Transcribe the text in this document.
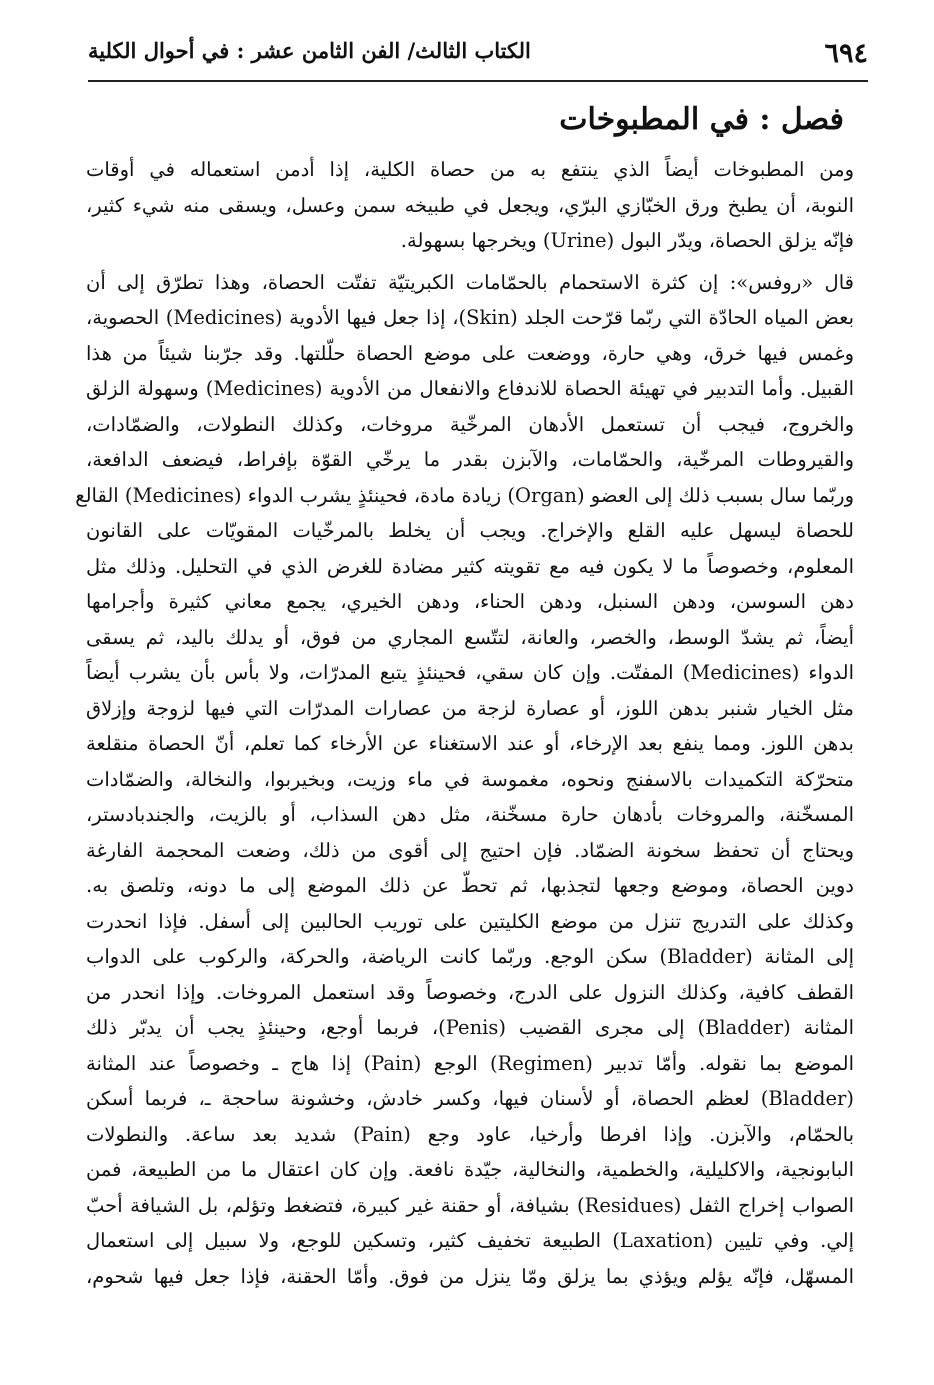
٦٩٤
الكتاب الثالث/ الفن الثامن عشر : في أحوال الكلية
فصل : في المطبوخات
ومن المطبوخات أيضاً الذي ينتفع به من حصاة الكلية، إذا أدمن استعماله في أوقات
النوبة، أن يطبخ ورق الخبّازي البرّي، ويجعل في طبيخه سمن وعسل، ويسقى منه شيء كثير،
فإنّه يزلق الحصاة، ويدّر البول (Urine) ويخرجها بسهولة.
قال «روفس»: إن كثرة الاستحمام بالحمّامات الكبريتيّة تفتّت الحصاة، وهذا تطرّق إلى أن
بعض المياه الحادّة التي ربّما قرّحت الجلد (Skin)، إذا جعل فيها الأدوية (Medicines) الحصوية،
وغمس فيها خرق، وهي حارة، ووضعت على موضع الحصاة حلّلتها. وقد جرّبنا شيئاً من هذا
القبيل. وأما التدبير في تهيئة الحصاة للاندفاع والانفعال من الأدوية (Medicines) وسهولة الزلق
والخروج، فيجب أن تستعمل الأدهان المرخّية مروخات، وكذلك النطولات، والضمّادات،
والقيروطات المرخّية، والحمّامات، والآبزن بقدر ما يرخّي القوّة بإفراط، فيضعف الدافعة،
وربّما سال بسبب ذلك إلى العضو (Organ) زيادة مادة، فحينئذٍ يشرب الدواء (Medicines) القالع
للحصاة ليسهل عليه القلع والإخراج. ويجب أن يخلط بالمرخّيات المقويّات على القانون
المعلوم، وخصوصاً ما لا يكون فيه مع تقويته كثير مضادة للغرض الذي في التحليل. وذلك مثل
دهن السوسن، ودهن السنبل، ودهن الحناء، ودهن الخيري، يجمع معاني كثيرة وأجرامها
أيضاً، ثم يشدّ الوسط، والخصر، والعانة، لتتّسع المجاري من فوق، أو يدلك باليد، ثم يسقى
الدواء (Medicines) المفتّت. وإن كان سقي، فحينئذٍ يتبع المدرّات، ولا بأس بأن يشرب أيضاً
مثل الخيار شنبر بدهن اللوز، أو عصارة لزجة من عصارات المدرّات التي فيها لزوجة وإزلاق
بدهن اللوز. ومما ينفع بعد الإرخاء، أو عند الاستغناء عن الأرخاء كما تعلم، أنّ الحصاة منقلعة
متحرّكة التكميدات بالاسفنج ونحوه، مغموسة في ماء وزيت، وبخيربوا، والنخالة، والضمّادات
المسخّنة، والمروخات بأدهان حارة مسخّنة، مثل دهن السذاب، أو بالزيت، والجندبادستر،
ويحتاج أن تحفظ سخونة الضمّاد. فإن احتيج إلى أقوى من ذلك، وضعت المحجمة الفارغة
دوين الحصاة، وموضع وجعها لتجذبها، ثم تحطّ عن ذلك الموضع إلى ما دونه، وتلصق به.
وكذلك على التدريج تنزل من موضع الكليتين على توريب الحالبين إلى أسفل. فإذا انحدرت
إلى المثانة (Bladder) سكن الوجع. وربّما كانت الرياضة، والحركة، والركوب على الدواب
القطف كافية، وكذلك النزول على الدرج، وخصوصاً وقد استعمل المروخات. وإذا انحدر من
المثانة (Bladder) إلى مجرى القضيب (Penis)، فربما أوجع، وحينئذٍ يجب أن يدبّر ذلك
الموضع بما نقوله. وأمّا تدبير (Regimen) الوجع (Pain) إذا هاج ـ وخصوصاً عند المثانة
(Bladder) لعظم الحصاة، أو لأسنان فيها، وكسر خادش، وخشونة ساحجة ـ، فربما أسكن
بالحمّام، والآبزن. وإذا افرطا وأرخيا، عاود وجع (Pain) شديد بعد ساعة. والنطولات
البابونجية، والاكليلية، والخطمية، والنخالية، جيّدة نافعة. وإن كان اعتقال ما من الطبيعة، فمن
الصواب إخراج الثفل (Residues) بشيافة، أو حقنة غير كبيرة، فتضغط وتؤلم، بل الشيافة أحبّ
إلي. وفي تليين (Laxation) الطبيعة تخفيف كثير، وتسكين للوجع، ولا سبيل إلى استعمال
المسهّل، فإنّه يؤلم ويؤذي بما يزلق ومّا ينزل من فوق. وأمّا الحقنة، فإذا جعل فيها شحوم،
